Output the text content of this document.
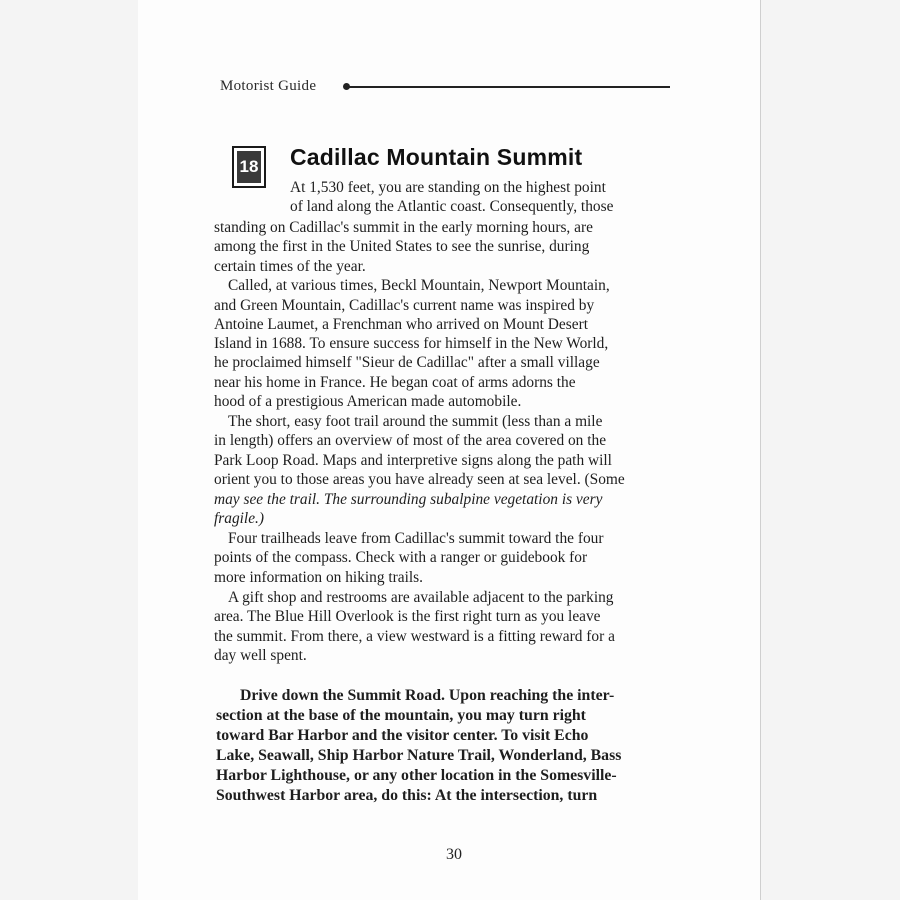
Motorist Guide
18 Cadillac Mountain Summit
At 1,530 feet, you are standing on the highest point
of land along the Atlantic coast. Consequently, those
standing on Cadillac's summit in the early morning hours, are
among the first in the United States to see the sunrise, during
certain times of the year.
Called, at various times, Beckl Mountain, Newport Mountain,
and Green Mountain, Cadillac's current name was inspired by
Antoine Laumet, a Frenchman who arrived on Mount Desert
Island in 1688. To ensure success for himself in the New World,
he proclaimed himself "Sieur de Cadillac" after a small village
near his home in France. He began coat of arms adorns the
hood of a prestigious American made automobile.
The short, easy foot trail around the summit (less than a mile
in length) offers an overview of most of the area covered on the
Park Loop Road. Maps and interpretive signs along the path will
orient you to those areas you have already seen at sea level. (Some
may see the trail. The surrounding subalpine vegetation is very
fragile.)
Four trailheads leave from Cadillac's summit toward the four
points of the compass. Check with a ranger or guidebook for
more information on hiking trails.
A gift shop and restrooms are available adjacent to the parking
area. The Blue Hill Overlook is the first right turn as you leave
the summit. From there, a view westward is a fitting reward for a
day well spent.
Drive down the Summit Road. Upon reaching the inter-
section at the base of the mountain, you may turn right
toward Bar Harbor and the visitor center. To visit Echo
Lake, Seawall, Ship Harbor Nature Trail, Wonderland, Bass
Harbor Lighthouse, or any other location in the Somesville-
Southwest Harbor area, do this: At the intersection, turn
30
